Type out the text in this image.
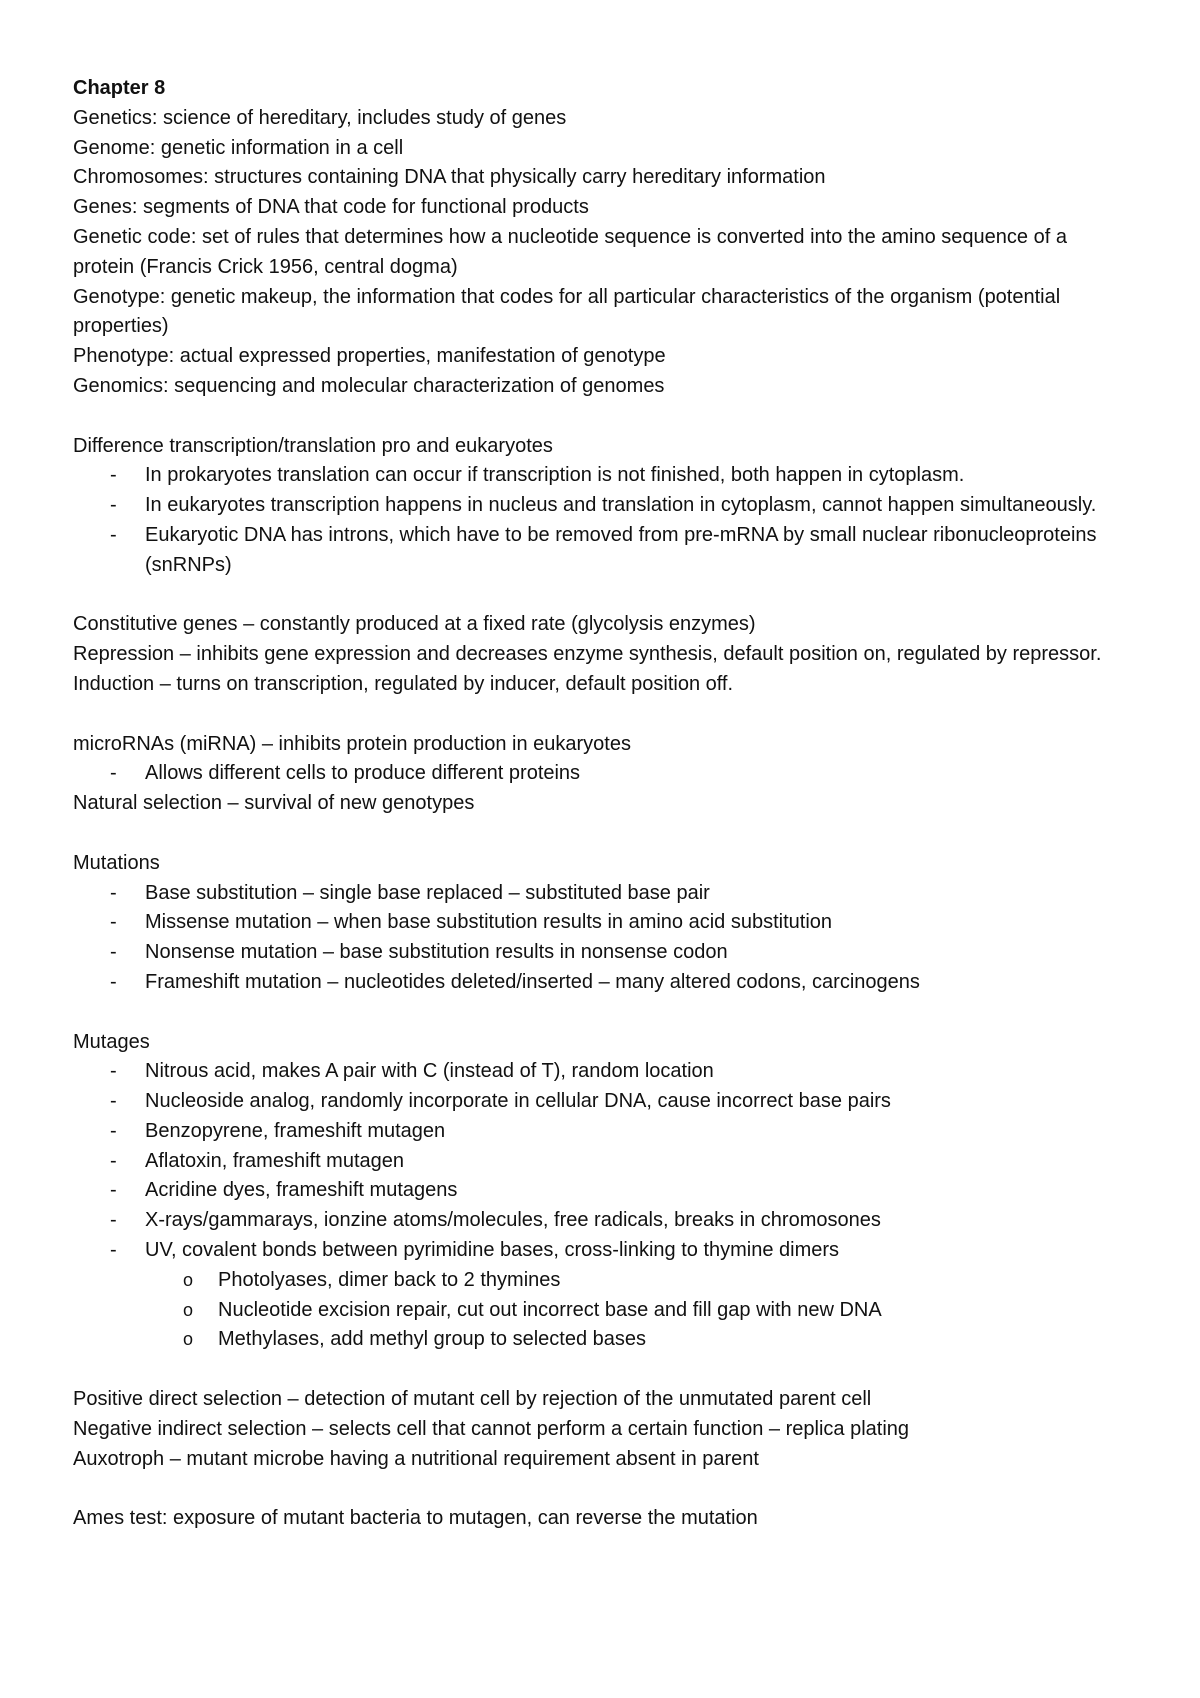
Chapter 8

Genetics: science of hereditary, includes study of genes

Genome: genetic information in a cell

Chromosomes: structures containing DNA that physically carry hereditary information

Genes: segments of DNA that code for functional products

Genetic code: set of rules that determines how a nucleotide sequence is converted into the amino sequence of a protein (Francis Crick 1956, central dogma)

Genotype: genetic makeup, the information that codes for all particular characteristics of the organism (potential properties)

Phenotype: actual expressed properties, manifestation of genotype

Genomics: sequencing and molecular characterization of genomes

Difference transcription/translation pro and eukaryotes

- In prokaryotes translation can occur if transcription is not finished, both happen in cytoplasm.
- In eukaryotes transcription happens in nucleus and translation in cytoplasm, cannot happen simultaneously.
- Eukaryotic DNA has introns, which have to be removed from pre-mRNA by small nuclear ribonucleoproteins (snRNPs)

Constitutive genes – constantly produced at a fixed rate (glycolysis enzymes)

Repression – inhibits gene expression and decreases enzyme synthesis, default position on, regulated by repressor.

Induction – turns on transcription, regulated by inducer, default position off.

microRNAs (miRNA) – inhibits protein production in eukaryotes

- Allows different cells to produce different proteins

Natural selection – survival of new genotypes

Mutations

- Base substitution – single base replaced – substituted base pair
- Missense mutation – when base substitution results in amino acid substitution
- Nonsense mutation – base substitution results in nonsense codon
- Frameshift mutation – nucleotides deleted/inserted – many altered codons, carcinogens

Mutages

- Nitrous acid, makes A pair with C (instead of T), random location
- Nucleoside analog, randomly incorporate in cellular DNA, cause incorrect base pairs
- Benzopyrene, frameshift mutagen
- Aflatoxin, frameshift mutagen
- Acridine dyes, frameshift mutagens
- X-rays/gammarays, ionzine atoms/molecules, free radicals, breaks in chromosones
- UV, covalent bonds between pyrimidine bases, cross-linking to thymine dimers
o Photolyases, dimer back to 2 thymines
o Nucleotide excision repair, cut out incorrect base and fill gap with new DNA
o Methylases, add methyl group to selected bases

Positive direct selection – detection of mutant cell by rejection of the unmutated parent cell

Negative indirect selection – selects cell that cannot perform a certain function – replica plating

Auxotroph – mutant microbe having a nutritional requirement absent in parent

Ames test: exposure of mutant bacteria to mutagen, can reverse the mutation
